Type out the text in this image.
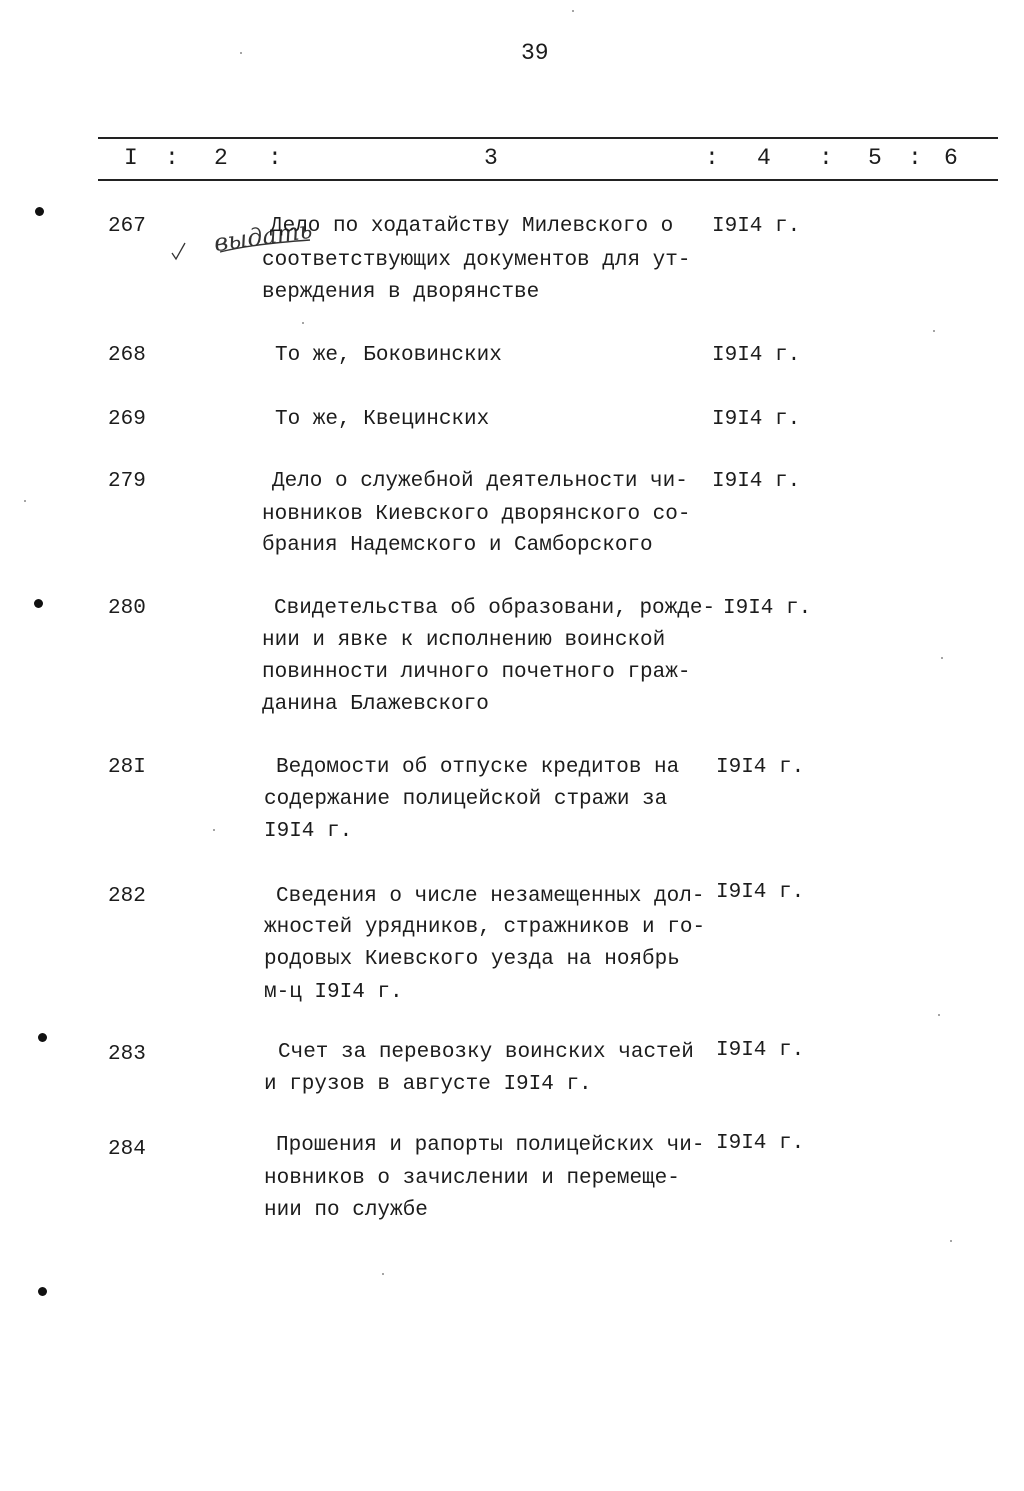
39
I : 2 :	3	: 4 : 5 : 6
выдать
267	Дело по ходатайству Милевского о
соответствующих документов для ут-
верждения в дворянстве
I9I4 г.
268	То же, Боковинских	I9I4 г.
269	То же, Квецинских	I9I4 г.
279	Дело о служебной деятельности чи-
новников Киевского дворянского со-
брания Надемского и Самборского
I9I4 г.
280	Свидетельства об образовани, рожде-
нии и явке к исполнению воинской
повинности личного почетного граж-
данина Блажевского
I9I4 г.
28I	Ведомости об отпуске кредитов на
содержание полицейской стражи за
I9I4 г.
I9I4 г.
282	Сведения о числе незамещенных дол-
жностей урядников, стражников и го-
родовых Киевского уезда на ноябрь
м-ц I9I4 г.
I9I4 г.
283	Счет за перевозку воинских частей
и грузов в августе I9I4 г.
I9I4 г.
284	Прошения и рапорты полицейских чи-
новников о зачислении и перемеще-
нии по службе
I9I4 г.
